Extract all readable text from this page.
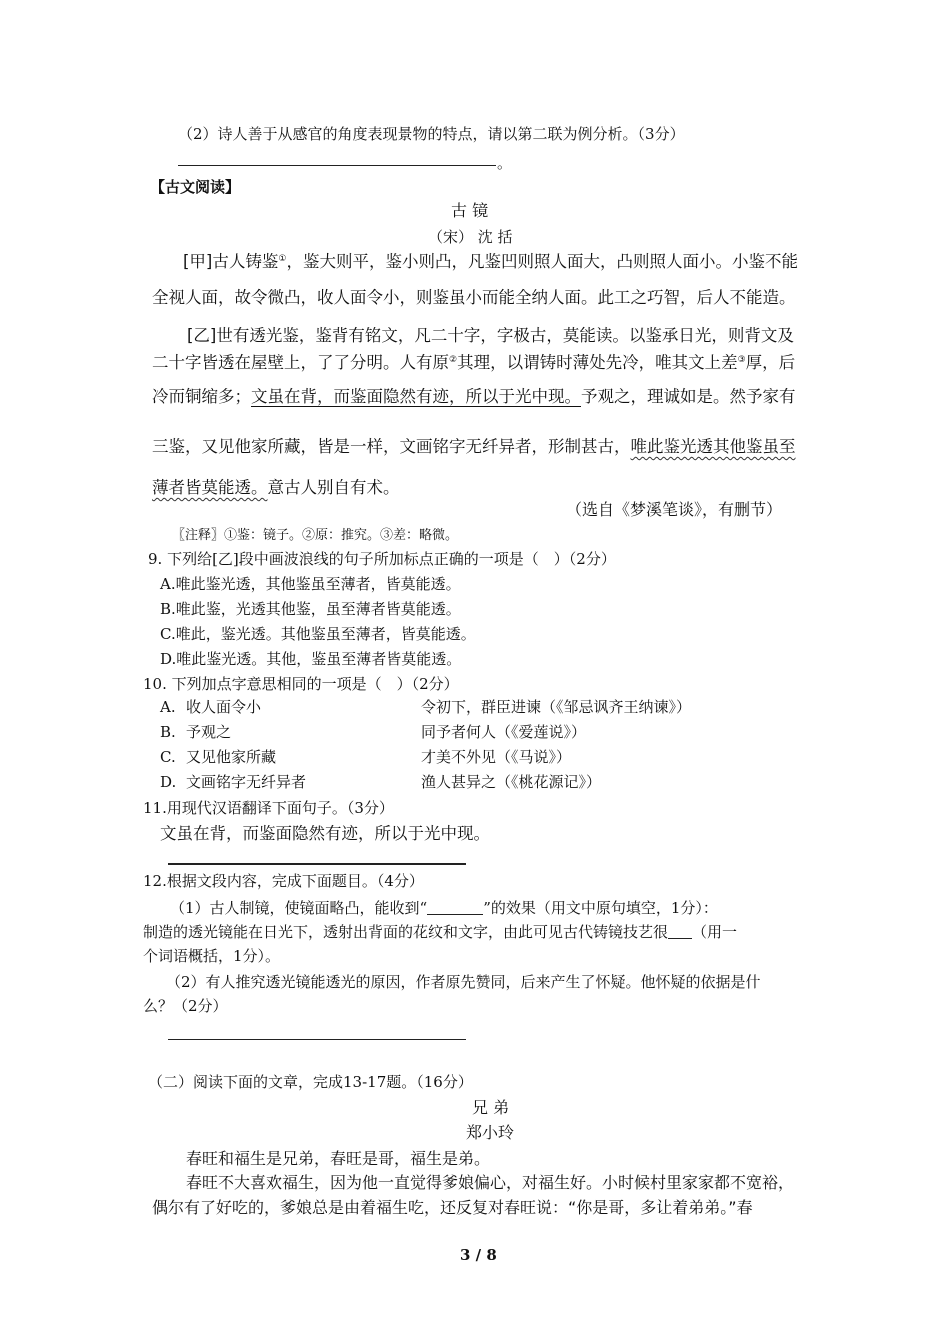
（2）诗人善于从感官的角度表现景物的特点，请以第二联为例分析。（3分）
。
【古文阅读】
古 镜
（宋） 沈 括
[甲]古人铸鉴①，鉴大则平，鉴小则凸，凡鉴凹则照人面大，凸则照人面小。小鉴不能
全视人面，故令微凸，收人面令小，则鉴虽小而能全纳人面。此工之巧智，后人不能造。
[乙]世有透光鉴，鉴背有铭文，凡二十字，字极古，莫能读。以鉴承日光，则背文及
二十字皆透在屋壁上，了了分明。人有原②其理，以谓铸时薄处先冷，唯其文上差③厚，后
冷而铜缩多；文虽在背，而鉴面隐然有迹，所以于光中现。予观之，理诚如是。然予家有
三鉴，又见他家所藏，皆是一样，文画铭字无纤异者，形制甚古，唯此鉴光透其他鉴虽至
薄者皆莫能透。意古人别自有术。
（选自《梦溪笔谈》，有删节）
〖注释〗①鉴：镜子。②原：推究。③差：略微。
9. 下列给[乙]段中画波浪线的句子所加标点正确的一项是（　）（2分）
A.唯此鉴光透，其他鉴虽至薄者，皆莫能透。
B.唯此鉴，光透其他鉴，虽至薄者皆莫能透。
C.唯此，鉴光透。其他鉴虽至薄者，皆莫能透。
D.唯此鉴光透。其他，鉴虽至薄者皆莫能透。
10. 下列加点字意思相同的一项是（　）（2分）
A. 收人面令小	令初下，群臣进谏（《邹忌讽齐王纳谏》）
B. 予观之	同予者何人（《爱莲说》）
C. 又见他家所藏	才美不外见（《马说》）
D. 文画铭字无纤异者	渔人甚异之（《桃花源记》）
11.用现代汉语翻译下面句子。（3分）
文虽在背，而鉴面隐然有迹，所以于光中现。
12.根据文段内容，完成下面题目。（4分）
（1）古人制镜，使镜面略凸，能收到“	”的效果（用文中原句填空，1分）：
制造的透光镜能在日光下，透射出背面的花纹和文字，由此可见古代铸镜技艺很 （用一
个词语概括，1分）。
（2）有人推究透光镜能透光的原因，作者原先赞同，后来产生了怀疑。他怀疑的依据是什
么？（2分）
（二）阅读下面的文章，完成13-17题。（16分）
兄 弟
郑小玲
春旺和福生是兄弟，春旺是哥，福生是弟。
春旺不大喜欢福生，因为他一直觉得爹娘偏心，对福生好。小时候村里家家都不宽裕，
偶尔有了好吃的，爹娘总是由着福生吃，还反复对春旺说：“你是哥，多让着弟弟。”春
3 / 8
